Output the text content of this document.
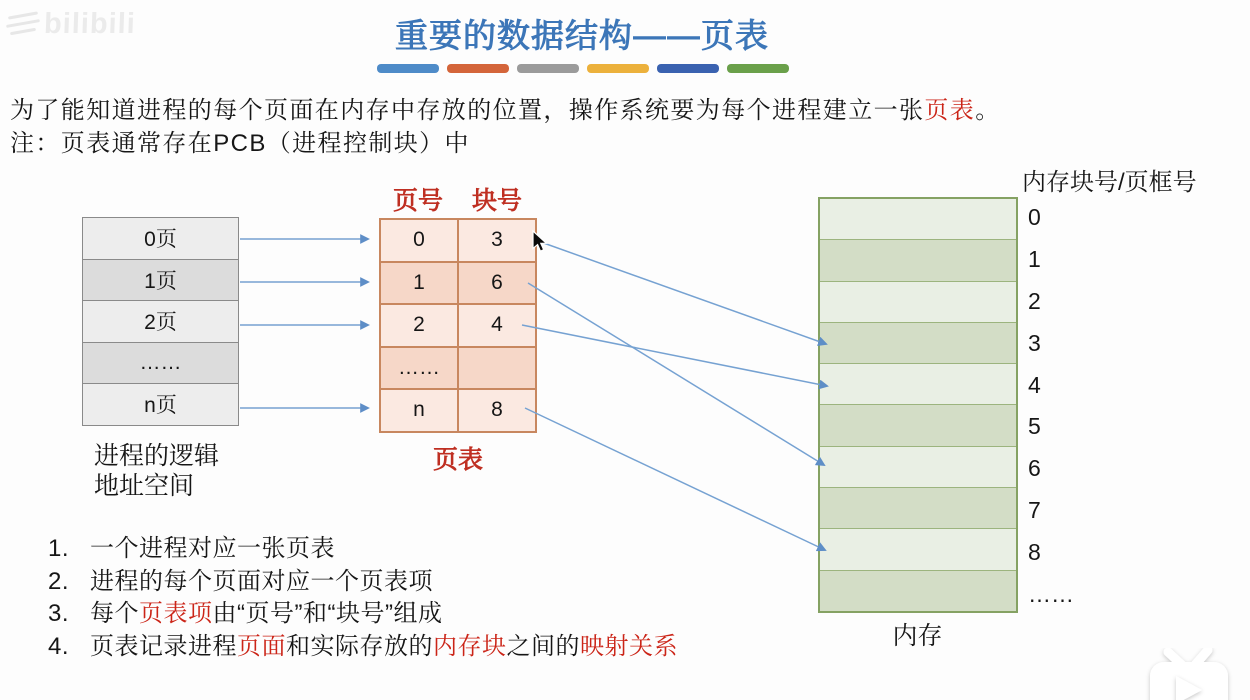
bilibili	重要的数据结构——页表

为了能知道进程的每个页面在内存中存放的位置，操作系统要为每个进程建立一张页表。

注：页表通常存在PCB（进程控制块）中

0页
1页
2页
……
n页
进程的逻辑
地址空间
页号	块号
0	3
1	6
2	4
……
n	8
页表
内存块号/页框号
0
1
2
3
4
5
6
7
8
……
内存
1. 一个进程对应一张页表
2. 进程的每个页面对应一个页表项
3. 每个页表项由“页号”和“块号”组成
4. 页表记录进程页面和实际存放的内存块之间的映射关系
